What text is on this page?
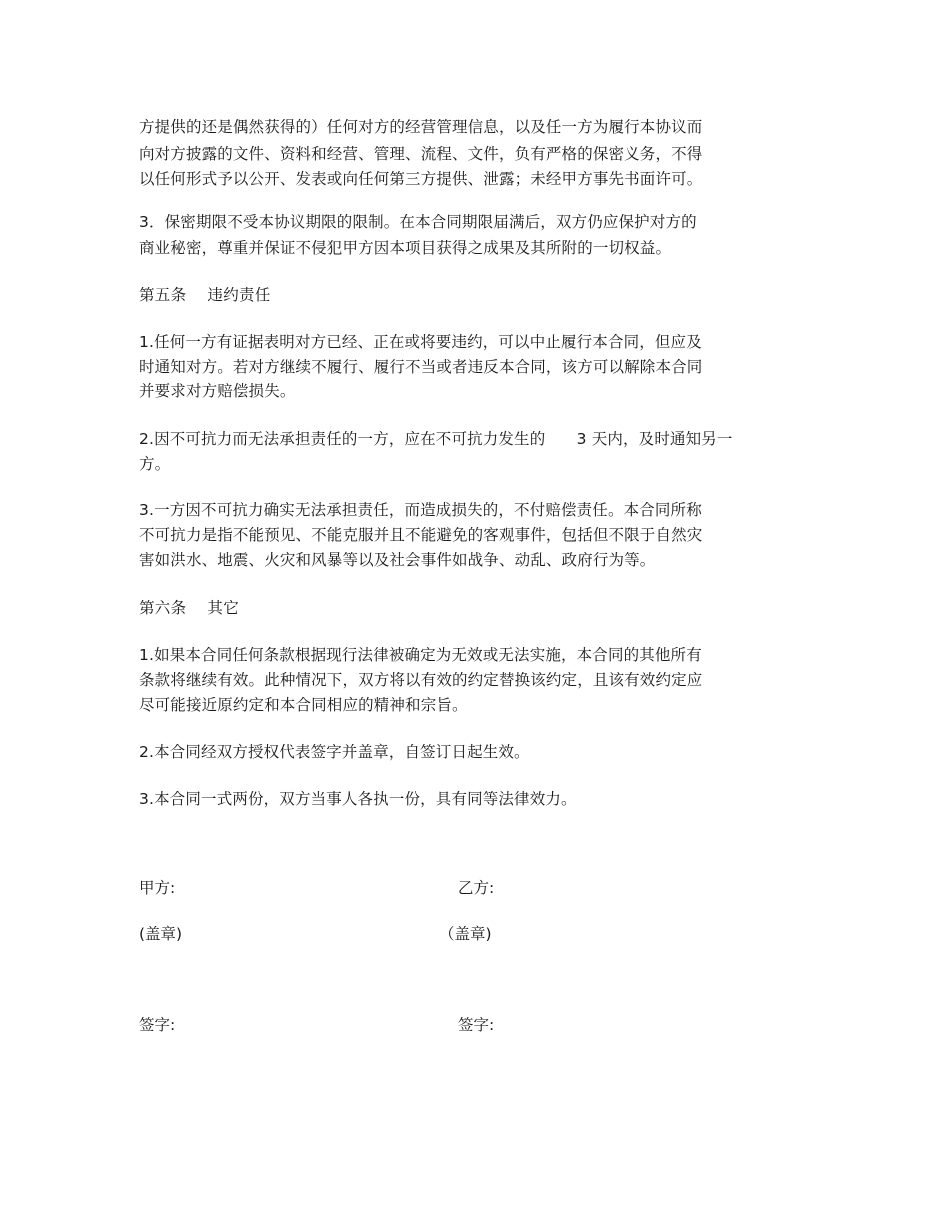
方提供的还是偶然获得的）任何对方的经营管理信息，以及任一方为履行本协议而
向对方披露的文件、资料和经营、管理、流程、文件，负有严格的保密义务，不得
以任何形式予以公开、发表或向任何第三方提供、泄露；未经甲方事先书面许可。
3．保密期限不受本协议期限的限制。在本合同期限届满后，双方仍应保护对方的
商业秘密，尊重并保证不侵犯甲方因本项目获得之成果及其所附的一切权益。
第五条　 违约责任
1.任何一方有证据表明对方已经、正在或将要违约，可以中止履行本合同，但应及
时通知对方。若对方继续不履行、履行不当或者违反本合同，该方可以解除本合同
并要求对方赔偿损失。
2.因不可抗力而无法承担责任的一方，应在不可抗力发生的　　3 天内，及时通知另一
方。
3.一方因不可抗力确实无法承担责任，而造成损失的，不付赔偿责任。本合同所称
不可抗力是指不能预见、不能克服并且不能避免的客观事件，包括但不限于自然灾
害如洪水、地震、火灾和风暴等以及社会事件如战争、动乱、政府行为等。
第六条　 其它
1.如果本合同任何条款根据现行法律被确定为无效或无法实施，本合同的其他所有
条款将继续有效。此种情况下，双方将以有效的约定替换该约定，且该有效约定应
尽可能接近原约定和本合同相应的精神和宗旨。
2.本合同经双方授权代表签字并盖章，自签订日起生效。
3.本合同一式两份，双方当事人各执一份，具有同等法律效力。
甲方:	乙方:
(盖章)	（盖章)
签字:	签字:
